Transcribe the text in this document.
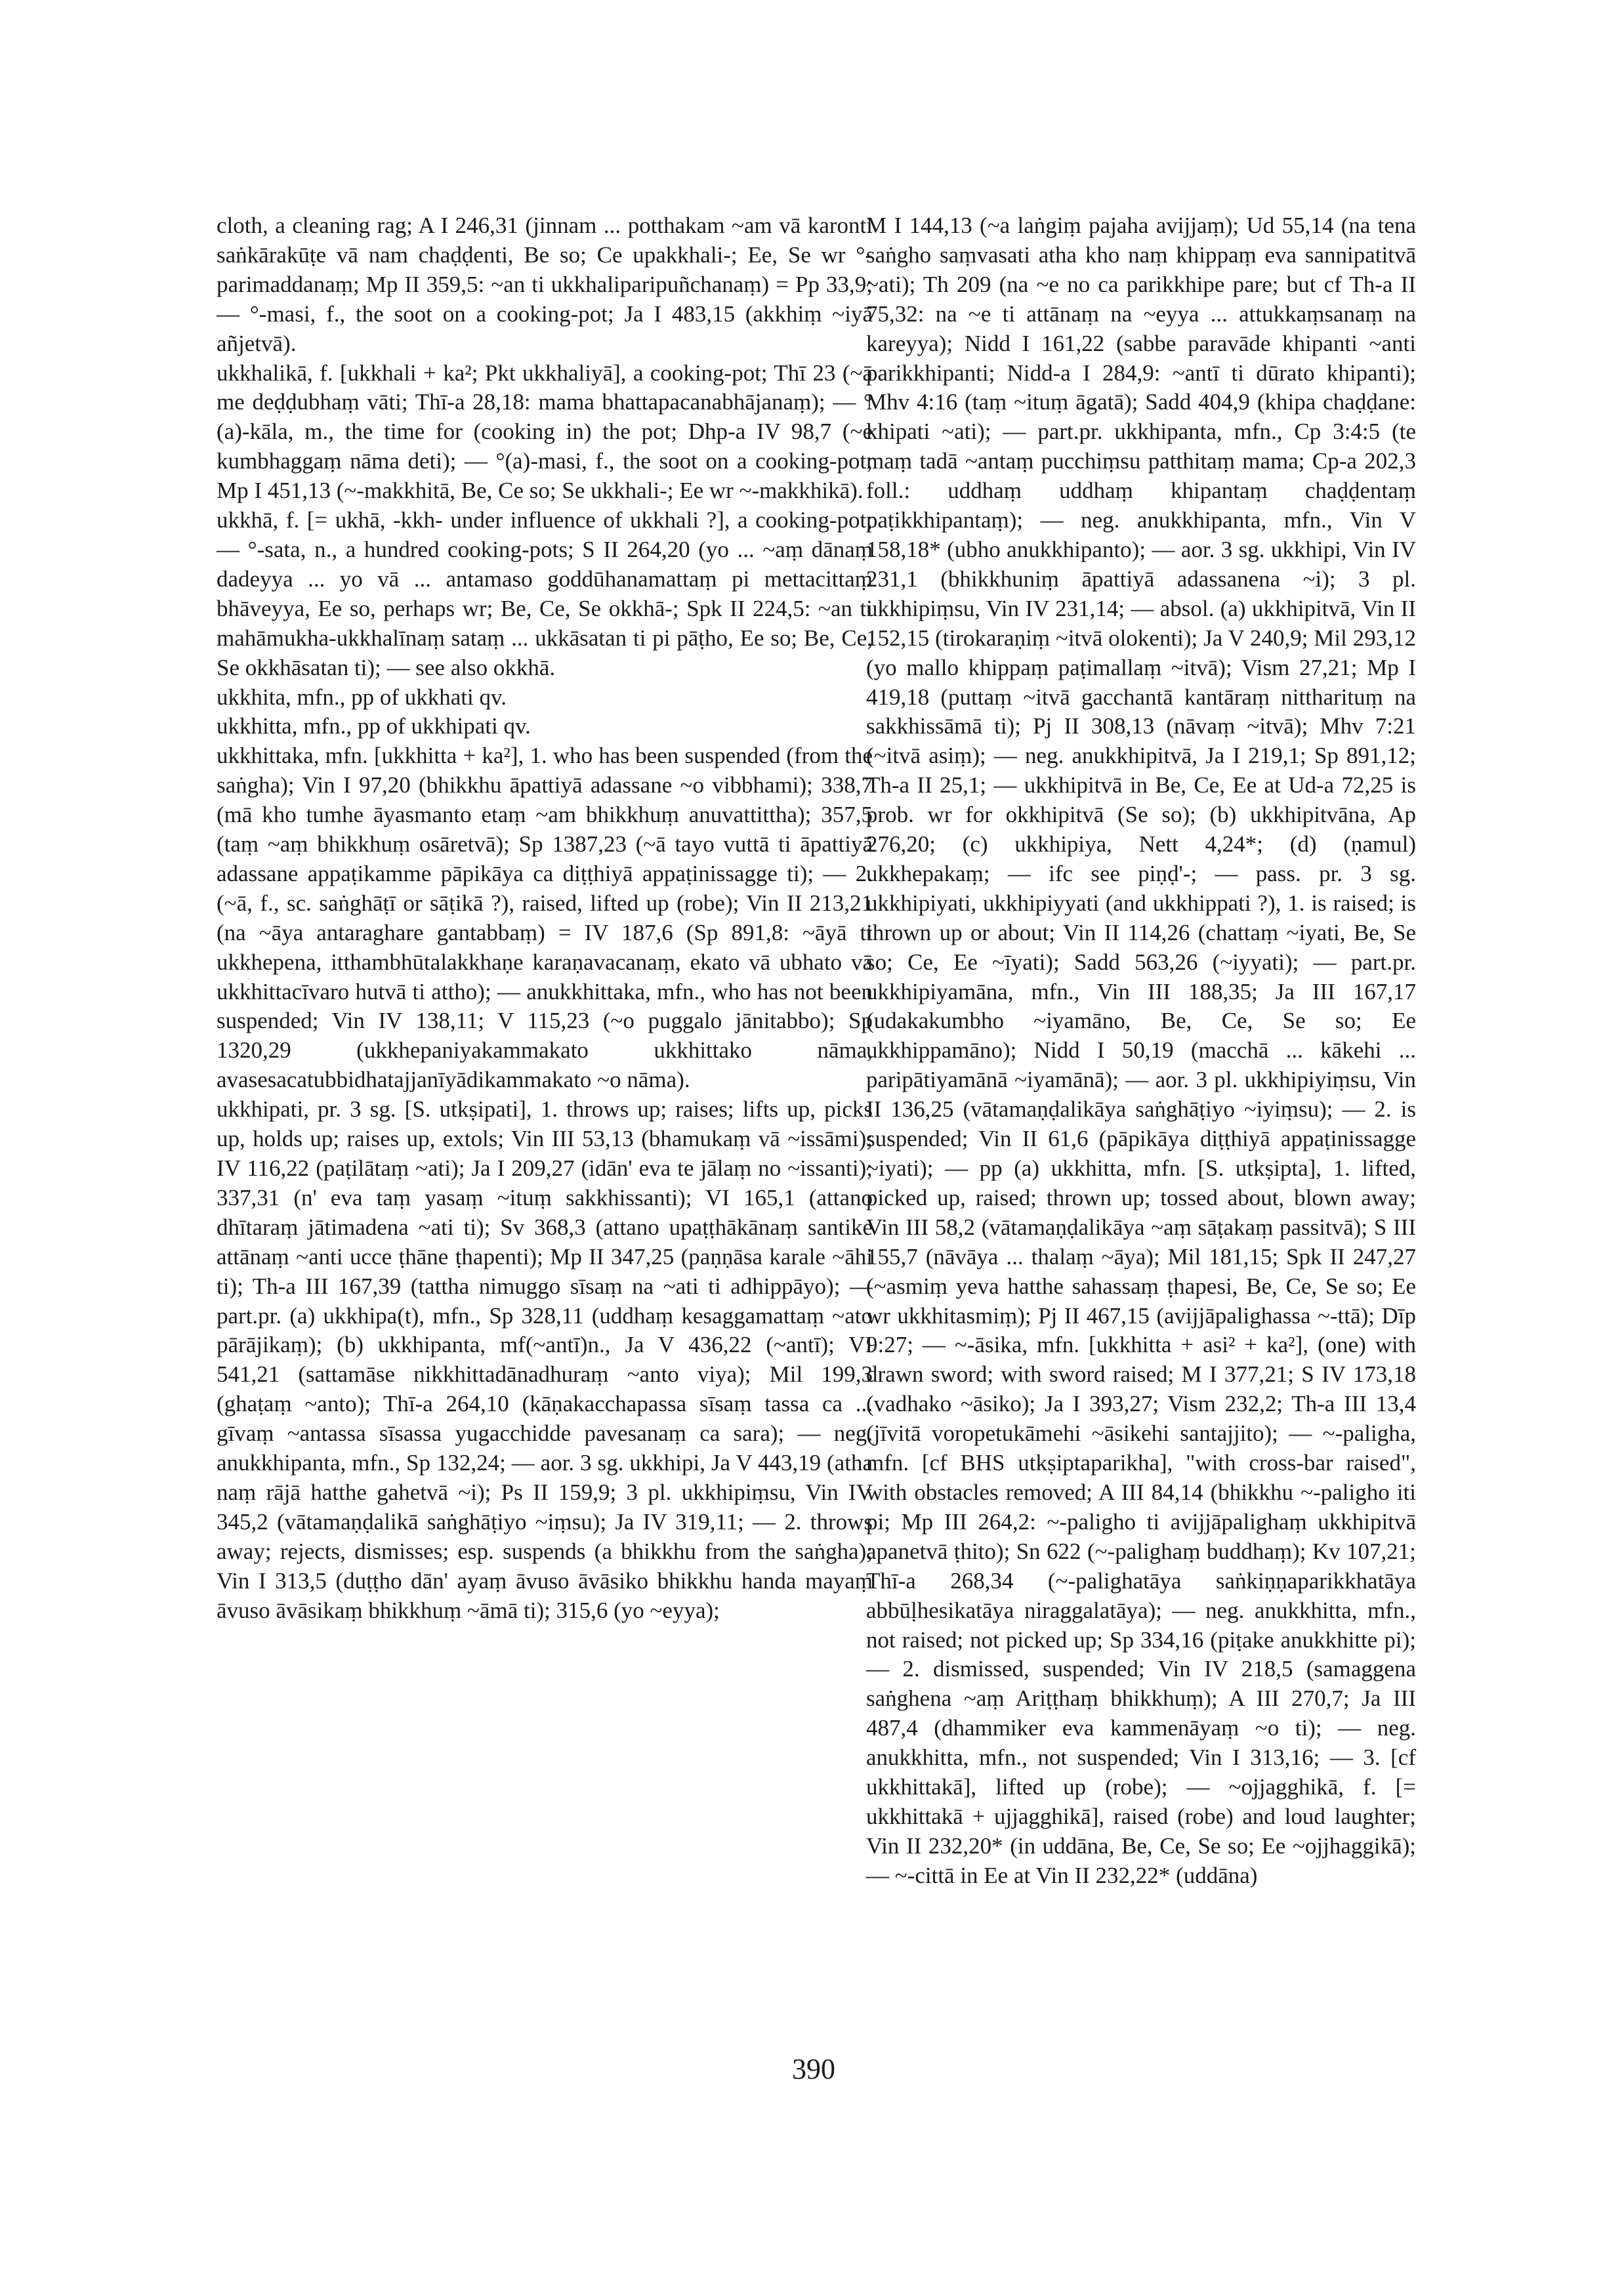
cloth, a cleaning rag; A I 246,31 (jinnam ... potthakam ~am vā karonti saṅkārakūṭe vā nam chaḍḍenti, Be so; Ce upakkhali-; Ee, Se wr °-parimaddanaṃ; Mp II 359,5: ~an ti ukkhaliparipuñchanaṃ) = Pp 33,9; — °-masi, f., the soot on a cooking-pot; Ja I 483,15 (akkhiṃ ~iyā añjetvā).

ukkhalikā, f. [ukkhali + ka²; Pkt ukkhaliyā], a cooking-pot; Thī 23 (~ā me deḍḍubhaṃ vāti; Thī-a 28,18: mama bhattapacanabhājanaṃ); — °(a)-kāla, m., the time for (cooking in) the pot; Dhp-a IV 98,7 (~e kumbhaggaṃ nāma deti); — °(a)-masi, f., the soot on a cooking-pot; Mp I 451,13 (~-makkhitā, Be, Ce so; Se ukkhali-; Ee wr ~-makkhikā).

ukkhā, f. [= ukhā, -kkh- under influence of ukkhali ?], a cooking-pot; — °-sata, n., a hundred cooking-pots; S II 264,20 (yo ... ~aṃ dānaṃ dadeyya ... yo vā ... antamaso goddūhanamattaṃ pi mettacittaṃ bhāveyya, Ee so, perhaps wr; Be, Ce, Se okkhā-; Spk II 224,5: ~an ti mahāmukha-ukkhalīnaṃ sataṃ ... ukkāsatan ti pi pāṭho, Ee so; Be, Ce, Se okkhāsatan ti); — see also okkhā.

ukkhita, mfn., pp of ukkhati qv.

ukkhitta, mfn., pp of ukkhipati qv.

ukkhittaka, mfn. [ukkhitta + ka²], 1. who has been suspended (from the saṅgha); Vin I 97,20 (bhikkhu āpattiyā adassane ~o vibbhami); 338,7 (mā kho tumhe āyasmanto etaṃ ~am bhikkhuṃ anuvattittha); 357,5 (taṃ ~aṃ bhikkhuṃ osāretvā); Sp 1387,23 (~ā tayo vuttā ti āpattiyā adassane appaṭikamme pāpikāya ca diṭṭhiyā appaṭinissagge ti); — 2. (~ā, f., sc. saṅghāṭī or sāṭikā ?), raised, lifted up (robe); Vin II 213,21 (na ~āya antaraghare gantabbaṃ) = IV 187,6 (Sp 891,8: ~āyā ti ukkhepena, itthambhūtalakkhaṇe karaṇavacanaṃ, ekato vā ubhato vā ukkhittacīvaro hutvā ti attho); — anukkhittaka, mfn., who has not been suspended; Vin IV 138,11; V 115,23 (~o puggalo jānitabbo); Sp 1320,29 (ukkhepaniyakammakato ukkhittako nāma, avasesacatubbidhatajjanīyādikammakato ~o nāma).

ukkhipati, pr. 3 sg. [S. utkṣipati], 1. throws up; raises; lifts up, picks up, holds up; raises up, extols; Vin III 53,13 (bhamukaṃ vā ~issāmi); IV 116,22 (paṭilātaṃ ~ati); Ja I 209,27 (idān' eva te jālaṃ no ~issanti); 337,31 (n' eva taṃ yasaṃ ~ituṃ sakkhissanti); VI 165,1 (attano dhītaraṃ jātimadena ~ati ti); Sv 368,3 (attano upaṭṭhākānaṃ santike attānaṃ ~anti ucce ṭhāne ṭhapenti); Mp II 347,25 (paṇṇāsa karale ~āhi ti); Th-a III 167,39 (tattha nimuggo sīsaṃ na ~ati ti adhippāyo); — part.pr. (a) ukkhipa(t), mfn., Sp 328,11 (uddhaṃ kesaggamattaṃ ~ato pārājikaṃ); (b) ukkhipanta, mf(~antī)n., Ja V 436,22 (~antī); VI 541,21 (sattamāse nikkhittadānadhuraṃ ~anto viya); Mil 199,3 (ghaṭaṃ ~anto); Thī-a 264,10 (kāṇakacchapassa sīsaṃ tassa ca ... gīvaṃ ~antassa sīsassa yugacchidde pavesanaṃ ca sara); — neg. anukkhipanta, mfn., Sp 132,24; — aor. 3 sg. ukkhipi, Ja V 443,19 (atha naṃ rājā hatthe gahetvā ~i); Ps II 159,9; 3 pl. ukkhipiṃsu, Vin IV 345,2 (vātamaṇḍalikā saṅghāṭiyo ~iṃsu); Ja IV 319,11; — 2. throws away; rejects, dismisses; esp. suspends (a bhikkhu from the saṅgha); Vin I 313,5 (duṭṭho dān' ayaṃ āvuso āvāsiko bhikkhu handa mayaṃ āvuso āvāsikaṃ bhikkhuṃ ~āmā ti); 315,6 (yo ~eyya);

M I 144,13 (~a laṅgiṃ pajaha avijjaṃ); Ud 55,14 (na tena saṅgho saṃvasati atha kho naṃ khippaṃ eva sannipatitvā ~ati); Th 209 (na ~e no ca parikkhipe pare; but cf Th-a II 75,32: na ~e ti attānaṃ na ~eyya ... attukkaṃsanaṃ na kareyya); Nidd I 161,22 (sabbe paravāde khipanti ~anti parikkhipanti; Nidd-a I 284,9: ~antī ti dūrato khipanti); Mhv 4:16 (taṃ ~ituṃ āgatā); Sadd 404,9 (khipa chaḍḍane: khipati ~ati); — part.pr. ukkhipanta, mfn., Cp 3:4:5 (te maṃ tadā ~antaṃ pucchiṃsu patthitaṃ mama; Cp-a 202,3 foll.: uddhaṃ uddhaṃ khipantaṃ chaḍḍentaṃ paṭikkhipantaṃ); — neg. anukkhipanta, mfn., Vin V 158,18* (ubho anukkhipanto); — aor. 3 sg. ukkhipi, Vin IV 231,1 (bhikkhuniṃ āpattiyā adassanena ~i); 3 pl. ukkhipiṃsu, Vin IV 231,14; — absol. (a) ukkhipitvā, Vin II 152,15 (tirokaraṇiṃ ~itvā olokenti); Ja V 240,9; Mil 293,12 (yo mallo khippaṃ paṭimallaṃ ~itvā); Vism 27,21; Mp I 419,18 (puttaṃ ~itvā gacchantā kantāraṃ nittharituṃ na sakkhissāmā ti); Pj II 308,13 (nāvaṃ ~itvā); Mhv 7:21 (~itvā asiṃ); — neg. anukkhipitvā, Ja I 219,1; Sp 891,12; Th-a II 25,1; — ukkhipitvā in Be, Ce, Ee at Ud-a 72,25 is prob. wr for okkhipitvā (Se so); (b) ukkhipitvāna, Ap 276,20; (c) ukkhipiya, Nett 4,24*; (d) (ṇamul) ukkhepakaṃ; — ifc see piṇḍ'-; — pass. pr. 3 sg. ukkhipiyati, ukkhipiyyati (and ukkhippati ?), 1. is raised; is thrown up or about; Vin II 114,26 (chattaṃ ~iyati, Be, Se so; Ce, Ee ~īyati); Sadd 563,26 (~iyyati); — part.pr. ukkhipiyamāna, mfn., Vin III 188,35; Ja III 167,17 (udakakumbho ~iyamāno, Be, Ce, Se so; Ee ukkhippamāno); Nidd I 50,19 (macchā ... kākehi ... paripātiyamānā ~iyamānā); — aor. 3 pl. ukkhipiyiṃsu, Vin II 136,25 (vātamaṇḍalikāya saṅghāṭiyo ~iyiṃsu); — 2. is suspended; Vin II 61,6 (pāpikāya diṭṭhiyā appaṭinissagge ~iyati); — pp (a) ukkhitta, mfn. [S. utkṣipta], 1. lifted, picked up, raised; thrown up; tossed about, blown away; Vin III 58,2 (vātamaṇḍalikāya ~aṃ sāṭakaṃ passitvā); S III 155,7 (nāvāya ... thalaṃ ~āya); Mil 181,15; Spk II 247,27 (~asmiṃ yeva hatthe sahassaṃ ṭhapesi, Be, Ce, Se so; Ee wr ukkhitasmiṃ); Pj II 467,15 (avijjāpalighassa ~-ttā); Dīp 9:27; — ~-āsika, mfn. [ukkhitta + asi² + ka²], (one) with drawn sword; with sword raised; M I 377,21; S IV 173,18 (vadhako ~āsiko); Ja I 393,27; Vism 232,2; Th-a III 13,4 (jīvitā voropetukāmehi ~āsikehi santajjito); — ~-paligha, mfn. [cf BHS utkṣiptaparikha], "with cross-bar raised", with obstacles removed; A III 84,14 (bhikkhu ~-paligho iti pi; Mp III 264,2: ~-paligho ti avijjāpalighaṃ ukkhipitvā apanetvā ṭhito); Sn 622 (~-palighaṃ buddhaṃ); Kv 107,21; Thī-a 268,34 (~-palighatāya saṅkiṇṇaparikkhatāya abbūḷhesikatāya niraggalatāya); — neg. anukkhitta, mfn., not raised; not picked up; Sp 334,16 (piṭake anukkhitte pi); — 2. dismissed, suspended; Vin IV 218,5 (samaggena saṅghena ~aṃ Ariṭṭhaṃ bhikkhuṃ); A III 270,7; Ja III 487,4 (dhammiker eva kammenāyaṃ ~o ti); — neg. anukkhitta, mfn., not suspended; Vin I 313,16; — 3. [cf ukkhittakā], lifted up (robe); — ~ojjagghikā, f. [= ukkhittakā + ujjagghikā], raised (robe) and loud laughter; Vin II 232,20* (in uddāna, Be, Ce, Se so; Ee ~ojjhaggikā); — ~-cittā in Ee at Vin II 232,22* (uddāna)

390
